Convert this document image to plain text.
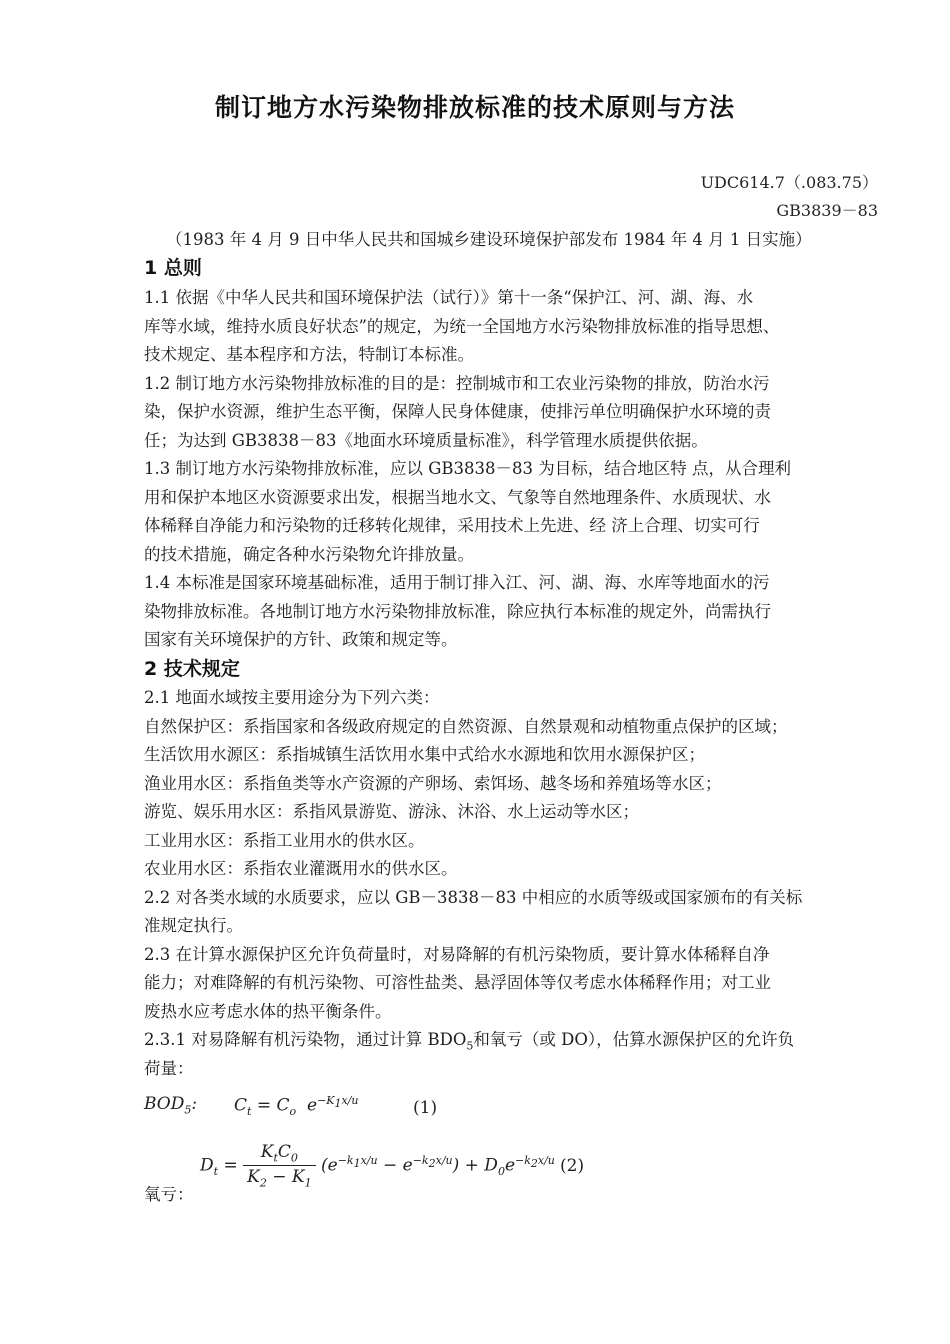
制订地方水污染物排放标准的技术原则与方法
UDC614.7（.083.75）
GB3839－83
（1983 年 4 月 9 日中华人民共和国城乡建设环境保护部发布 1984 年 4 月 1 日实施）
1 总则
1.1 依据《中华人民共和国环境保护法（试行）》第十一条“保护江、河、湖、海、水
库等水域，维持水质良好状态”的规定，为统一全国地方水污染物排放标准的指导思想、
技术规定、基本程序和方法，特制订本标准。
1.2 制订地方水污染物排放标准的目的是：控制城市和工农业污染物的排放，防治水污
染，保护水资源，维护生态平衡，保障人民身体健康，使排污单位明确保护水环境的责
任；为达到 GB3838－83《地面水环境质量标准》，科学管理水质提供依据。
1.3 制订地方水污染物排放标准，应以 GB3838－83 为目标，结合地区特 点，从合理利
用和保护本地区水资源要求出发，根据当地水文、气象等自然地理条件、水质现状、水
体稀释自净能力和污染物的迁移转化规律，采用技术上先进、经 济上合理、切实可行
的技术措施，确定各种水污染物允许排放量。
1.4 本标准是国家环境基础标准，适用于制订排入江、河、湖、海、水库等地面水的污
染物排放标准。各地制订地方水污染物排放标准，除应执行本标准的规定外，尚需执行
国家有关环境保护的方针、政策和规定等。
2 技术规定
2.1 地面水域按主要用途分为下列六类：
自然保护区：系指国家和各级政府规定的自然资源、自然景观和动植物重点保护的区域；
生活饮用水源区：系指城镇生活饮用水集中式给水水源地和饮用水源保护区；
渔业用水区：系指鱼类等水产资源的产卵场、索饵场、越冬场和养殖场等水区；
游览、娱乐用水区：系指风景游览、游泳、沐浴、水上运动等水区；
工业用水区：系指工业用水的供水区。
农业用水区：系指农业灌溉用水的供水区。
2.2 对各类水域的水质要求，应以 GB－3838－83 中相应的水质等级或国家颁布的有关标
准规定执行。
2.3 在计算水源保护区允许负荷量时，对易降解的有机污染物质，要计算水体稀释自净
能力；对难降解的有机污染物、可溶性盐类、悬浮固体等仅考虑水体稀释作用；对工业
废热水应考虑水体的热平衡条件。
2.3.1 对易降解有机污染物，通过计算 $BDO_5$和氧亏（或 DO），估算水源保护区的允许负
荷量：
$BOD_5$: $C_t = C_o$ $e^{-K_1x/u}$	(1)
$D_t = \frac{K_tC_0}{K_2 - K_1} (e^{-k_1x/u} - e^{-k_2x/u}) + D_0e^{-k_2x/u}$ (2)
氧亏：
